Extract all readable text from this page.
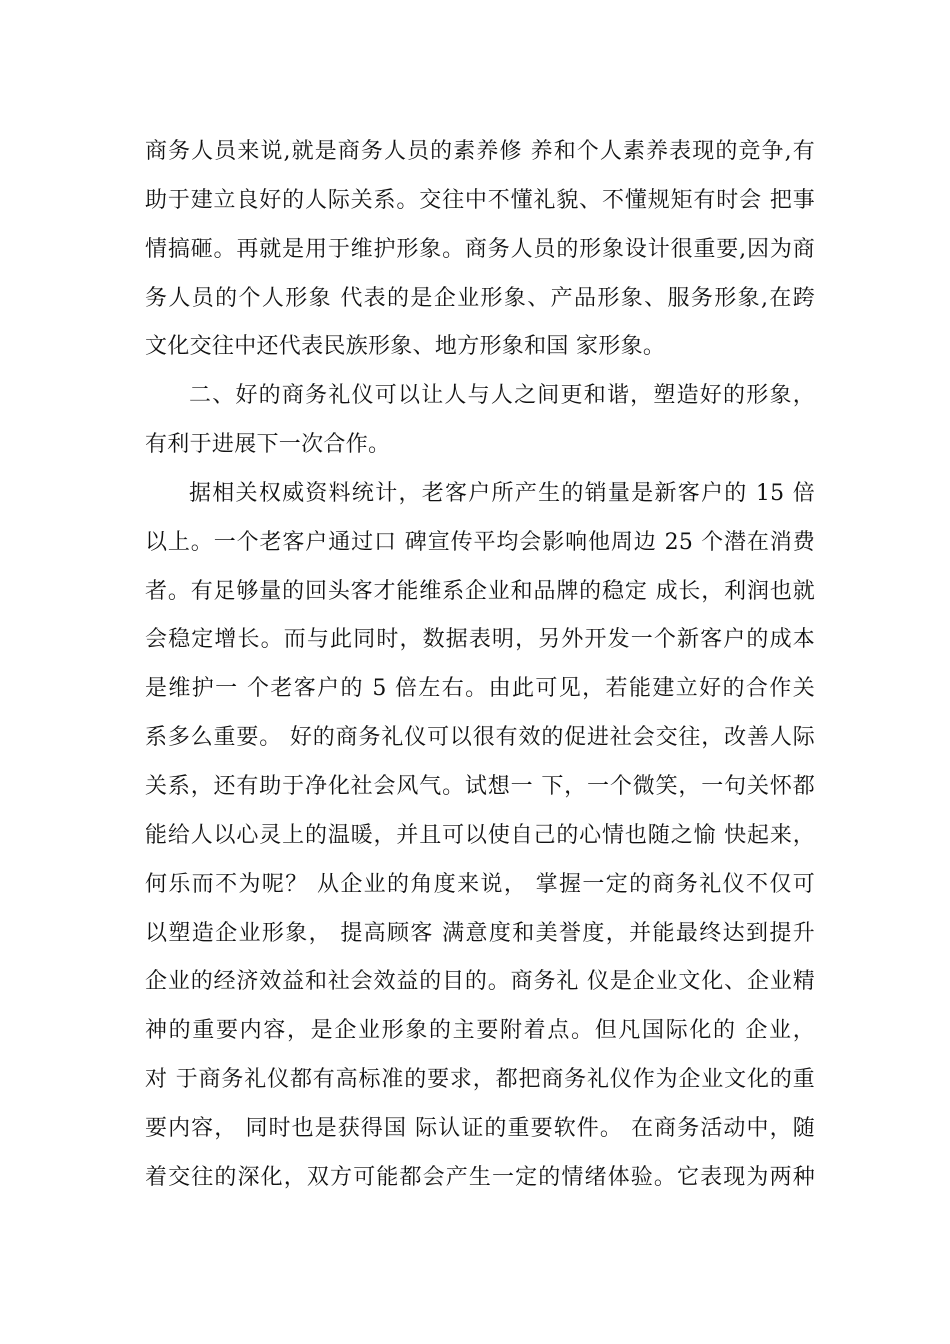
商务人员来说,就是商务人员的素养修 养和个人素养表现的竞争,有
助于建立良好的人际关系。交往中不懂礼貌、不懂规矩有时会 把事
情搞砸。再就是用于维护形象。商务人员的形象设计很重要,因为商
务人员的个人形象 代表的是企业形象、产品形象、服务形象,在跨
文化交往中还代表民族形象、地方形象和国 家形象。
二、好的商务礼仪可以让人与人之间更和谐，塑造好的形象，
有利于进展下一次合作。
据相关权威资料统计，老客户所产生的销量是新客户的 15 倍
以上。一个老客户通过口 碑宣传平均会影响他周边 25 个潜在消费
者。有足够量的回头客才能维系企业和品牌的稳定 成长，利润也就
会稳定增长。而与此同时，数据表明，另外开发一个新客户的成本
是维护一 个老客户的 5 倍左右。由此可见，若能建立好的合作关
系多么重要。 好的商务礼仪可以很有效的促进社会交往，改善人际
关系，还有助于净化社会风气。试想一 下，一个微笑，一句关怀都
能给人以心灵上的温暖，并且可以使自己的心情也随之愉 快起来，
何乐而不为呢？ 从企业的角度来说， 掌握一定的商务礼仪不仅可
以塑造企业形象， 提高顾客 满意度和美誉度，并能最终达到提升
企业的经济效益和社会效益的目的。商务礼 仪是企业文化、企业精
神的重要内容，是企业形象的主要附着点。但凡国际化的 企业，
对 于商务礼仪都有高标准的要求，都把商务礼仪作为企业文化的重
要内容， 同时也是获得国 际认证的重要软件。 在商务活动中，随
着交往的深化，双方可能都会产生一定的情绪体验。它表现为两种
